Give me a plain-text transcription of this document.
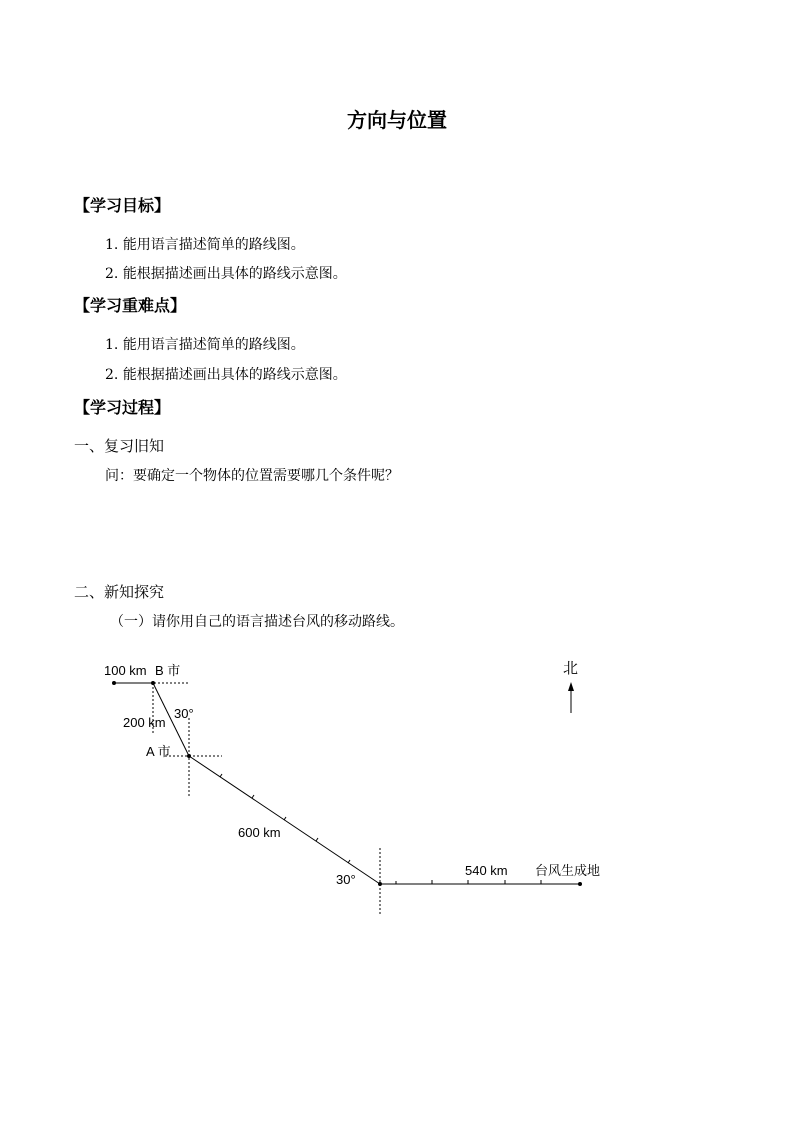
方向与位置
【学习目标】
1. 能用语言描述简单的路线图。
2. 能根据描述画出具体的路线示意图。
【学习重难点】
1. 能用语言描述简单的路线图。
2. 能根据描述画出具体的路线示意图。
【学习过程】
一、复习旧知
问：要确定一个物体的位置需要哪几个条件呢？
二、新知探究
（一）请你用自己的语言描述台风的移动路线。
100 km B 市
30°
200 km
A 市
600 km
30°
540 km 台风生成地
北
